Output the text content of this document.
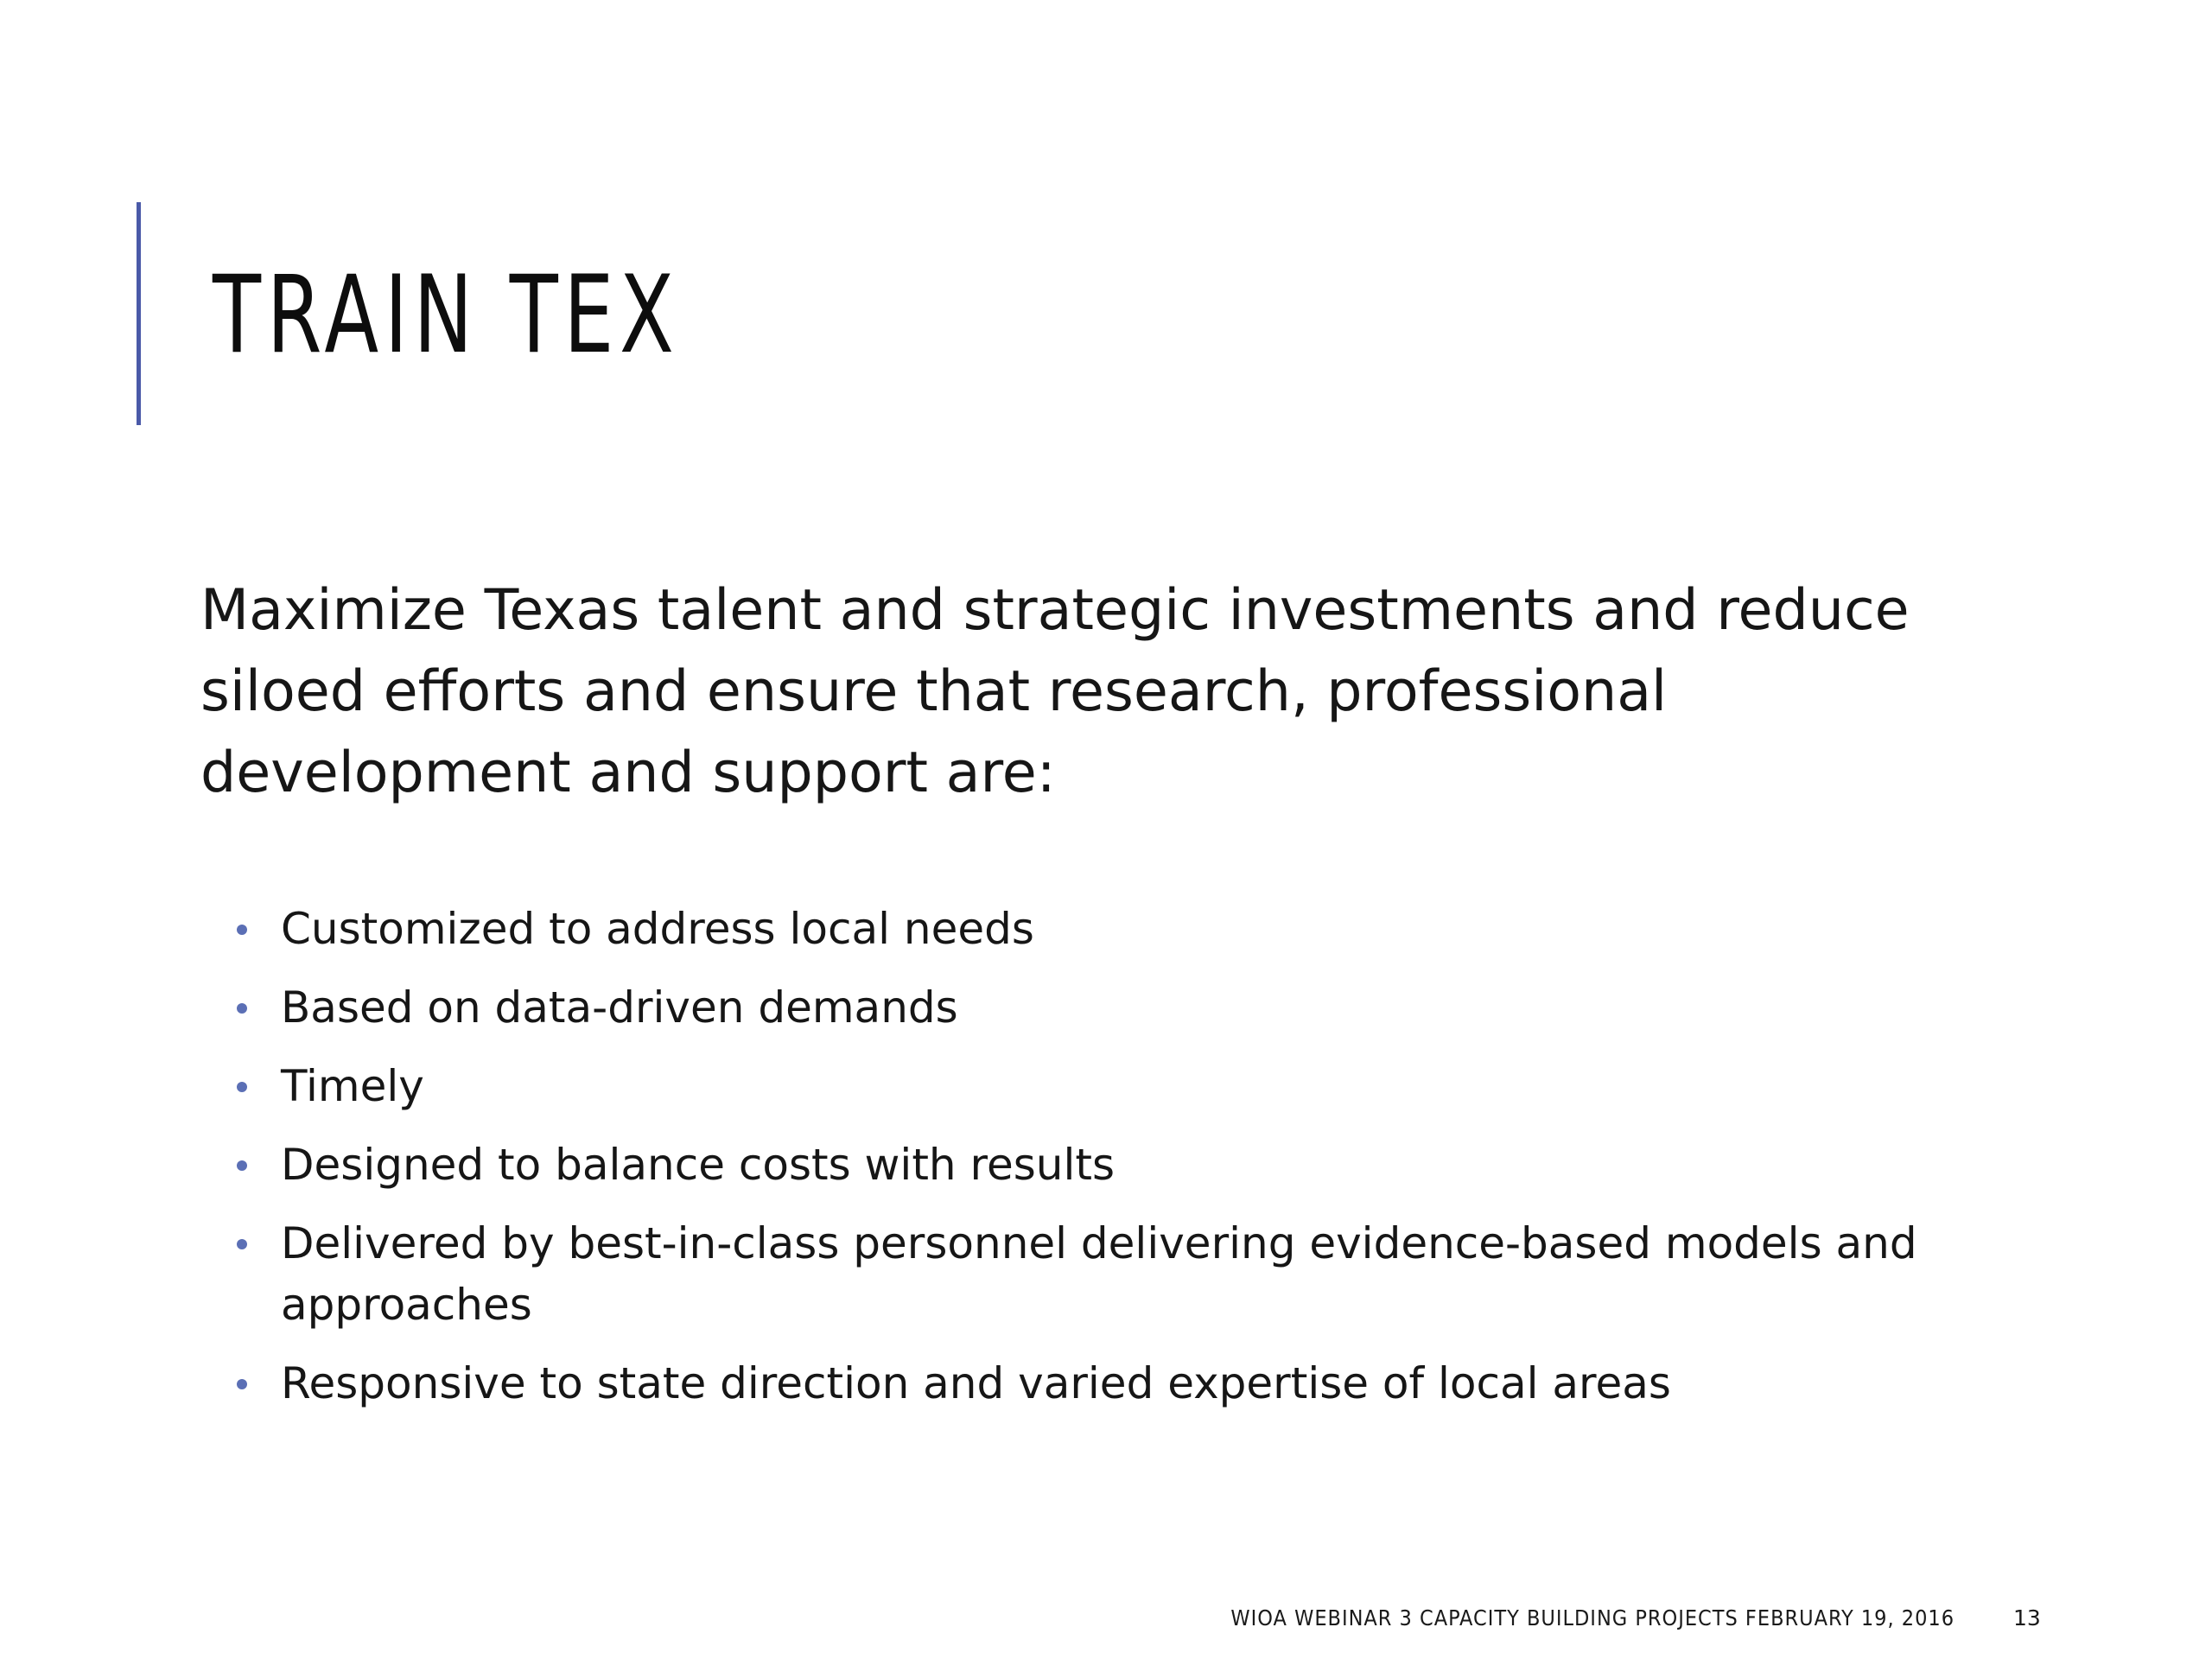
TRAIN TEX

Maximize Texas talent and strategic investments and reduce siloed efforts and ensure that research, professional development and support are:

Customized to address local needs
Based on data-driven demands
Timely
Designed to balance costs with results
Delivered by best-in-class personnel delivering evidence-based models and approaches
Responsive to state direction and varied expertise of local areas
WIOA WEBINAR 3 CAPACITY BUILDING PROJECTS FEBRUARY 19, 2016	13
